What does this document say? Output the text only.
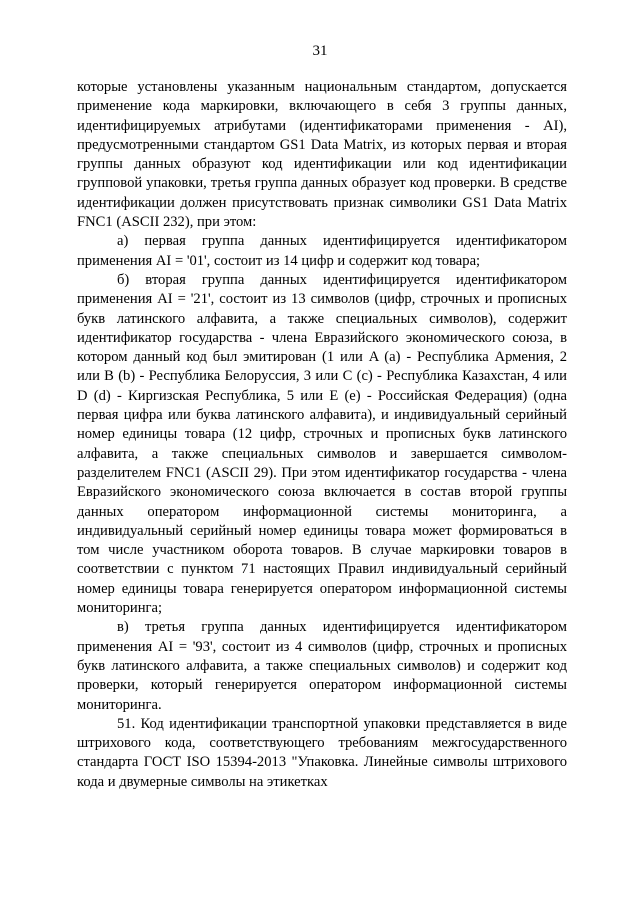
31

которые установлены указанным национальным стандартом, допускается применение кода маркировки, включающего в себя 3 группы данных, идентифицируемых атрибутами (идентификаторами применения - AI), предусмотренными стандартом GS1 Data Matrix, из которых первая и вторая группы данных образуют код идентификации или код идентификации групповой упаковки, третья группа данных образует код проверки. В средстве идентификации должен присутствовать признак символики GS1 Data Matrix FNC1 (ASCII 232), при этом:

а) первая группа данных идентифицируется идентификатором применения AI = '01', состоит из 14 цифр и содержит код товара;

б) вторая группа данных идентифицируется идентификатором применения AI = '21', состоит из 13 символов (цифр, строчных и прописных букв латинского алфавита, а также специальных символов), содержит идентификатор государства - члена Евразийского экономического союза, в котором данный код был эмитирован (1 или A (a) - Республика Армения, 2 или B (b) - Республика Белоруссия, 3 или C (c) - Республика Казахстан, 4 или D (d) - Киргизская Республика, 5 или E (e) - Российская Федерация) (одна первая цифра или буква латинского алфавита), и индивидуальный серийный номер единицы товара (12 цифр, строчных и прописных букв латинского алфавита, а также специальных символов и завершается символом-разделителем FNC1 (ASCII 29). При этом идентификатор государства - члена Евразийского экономического союза включается в состав второй группы данных оператором информационной системы мониторинга, а индивидуальный серийный номер единицы товара может формироваться в том числе участником оборота товаров. В случае маркировки товаров в соответствии с пунктом 71 настоящих Правил индивидуальный серийный номер единицы товара генерируется оператором информационной системы мониторинга;

в) третья группа данных идентифицируется идентификатором применения AI = '93', состоит из 4 символов (цифр, строчных и прописных букв латинского алфавита, а также специальных символов) и содержит код проверки, который генерируется оператором информационной системы мониторинга.

51. Код идентификации транспортной упаковки представляется в виде штрихового кода, соответствующего требованиям межгосударственного стандарта ГОСТ ISO 15394-2013 "Упаковка. Линейные символы штрихового кода и двумерные символы на этикетках
